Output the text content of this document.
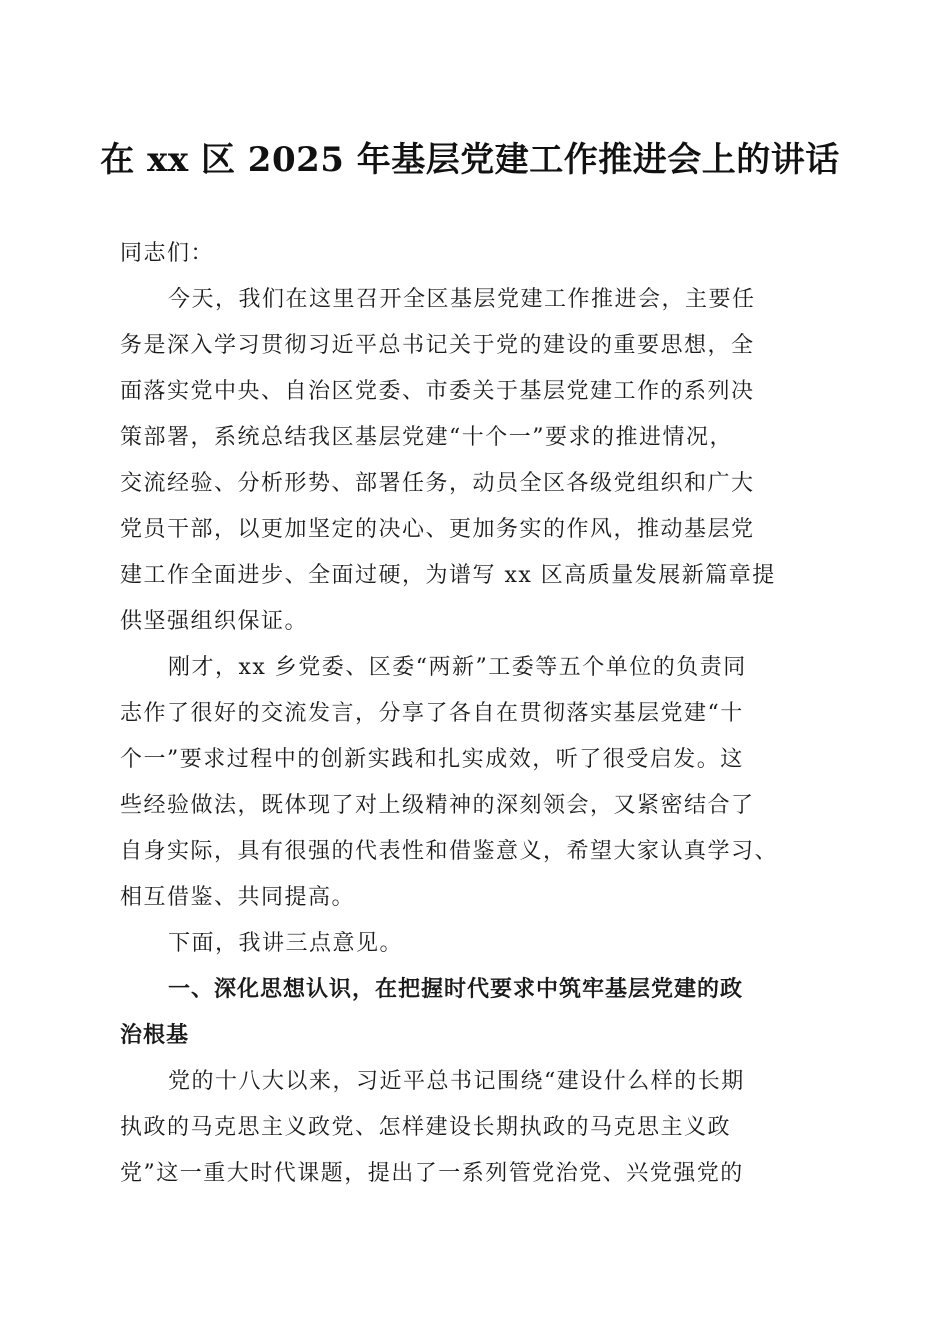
在 xx 区 2025 年基层党建工作推进会上的讲话
同志们：
今天，我们在这里召开全区基层党建工作推进会，主要任
务是深入学习贯彻习近平总书记关于党的建设的重要思想，全
面落实党中央、自治区党委、市委关于基层党建工作的系列决
策部署，系统总结我区基层党建“十个一”要求的推进情况，
交流经验、分析形势、部署任务，动员全区各级党组织和广大
党员干部，以更加坚定的决心、更加务实的作风，推动基层党
建工作全面进步、全面过硬，为谱写 xx 区高质量发展新篇章提
供坚强组织保证。
刚才，xx 乡党委、区委“两新”工委等五个单位的负责同
志作了很好的交流发言，分享了各自在贯彻落实基层党建“十
个一”要求过程中的创新实践和扎实成效，听了很受启发。这
些经验做法，既体现了对上级精神的深刻领会，又紧密结合了
自身实际，具有很强的代表性和借鉴意义，希望大家认真学习、
相互借鉴、共同提高。
下面，我讲三点意见。
一、深化思想认识，在把握时代要求中筑牢基层党建的政
治根基
党的十八大以来，习近平总书记围绕“建设什么样的长期
执政的马克思主义政党、怎样建设长期执政的马克思主义政
党”这一重大时代课题，提出了一系列管党治党、兴党强党的
